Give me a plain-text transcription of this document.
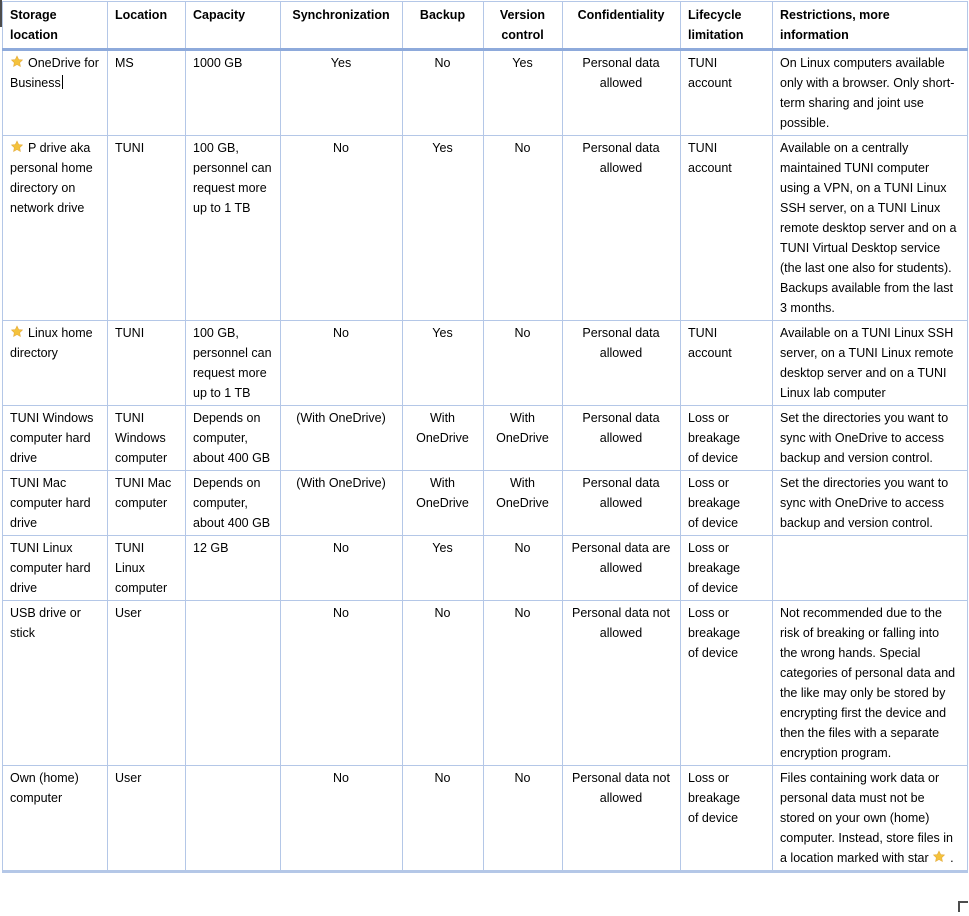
Storage location	Location	Capacity	Synchronization	Backup	Version control	Confidentiality	Lifecycle limitation	Restrictions, more information
OneDrive for Business	MS	1000 GB	Yes	No	Yes	Personal data allowed	TUNI account	On Linux computers available only with a browser. Only short-term sharing and joint use possible.
P drive aka personal home directory on network drive	TUNI	100 GB, personnel can request more up to 1 TB	No	Yes	No	Personal data allowed	TUNI account	Available on a centrally maintained TUNI computer using a VPN, on a TUNI Linux SSH server, on a TUNI Linux remote desktop server and on a TUNI Virtual Desktop service (the last one also for students). Backups available from the last 3 months.
Linux home directory	TUNI	100 GB, personnel can request more up to 1 TB	No	Yes	No	Personal data allowed	TUNI account	Available on a TUNI Linux SSH server, on a TUNI Linux remote desktop server and on a TUNI Linux lab computer
TUNI Windows computer hard drive	TUNI Windows computer	Depends on computer, about 400 GB	(With OneDrive)	With OneDrive	With OneDrive	Personal data allowed	Loss or breakage of device	Set the directories you want to sync with OneDrive to access backup and version control.
TUNI Mac computer hard drive	TUNI Mac computer	Depends on computer, about 400 GB	(With OneDrive)	With OneDrive	With OneDrive	Personal data allowed	Loss or breakage of device	Set the directories you want to sync with OneDrive to access backup and version control.
TUNI Linux computer hard drive	TUNI Linux computer	12 GB	No	Yes	No	Personal data are allowed	Loss or breakage of device	
USB drive or stick	User		No	No	No	Personal data not allowed	Loss or breakage of device	Not recommended due to the risk of breaking or falling into the wrong hands. Special categories of personal data and the like may only be stored by encrypting first the device and then the files with a separate encryption program.
Own (home) computer	User		No	No	No	Personal data not allowed	Loss or breakage of device	Files containing work data or personal data must not be stored on your own (home) computer. Instead, store files in a location marked with star .
